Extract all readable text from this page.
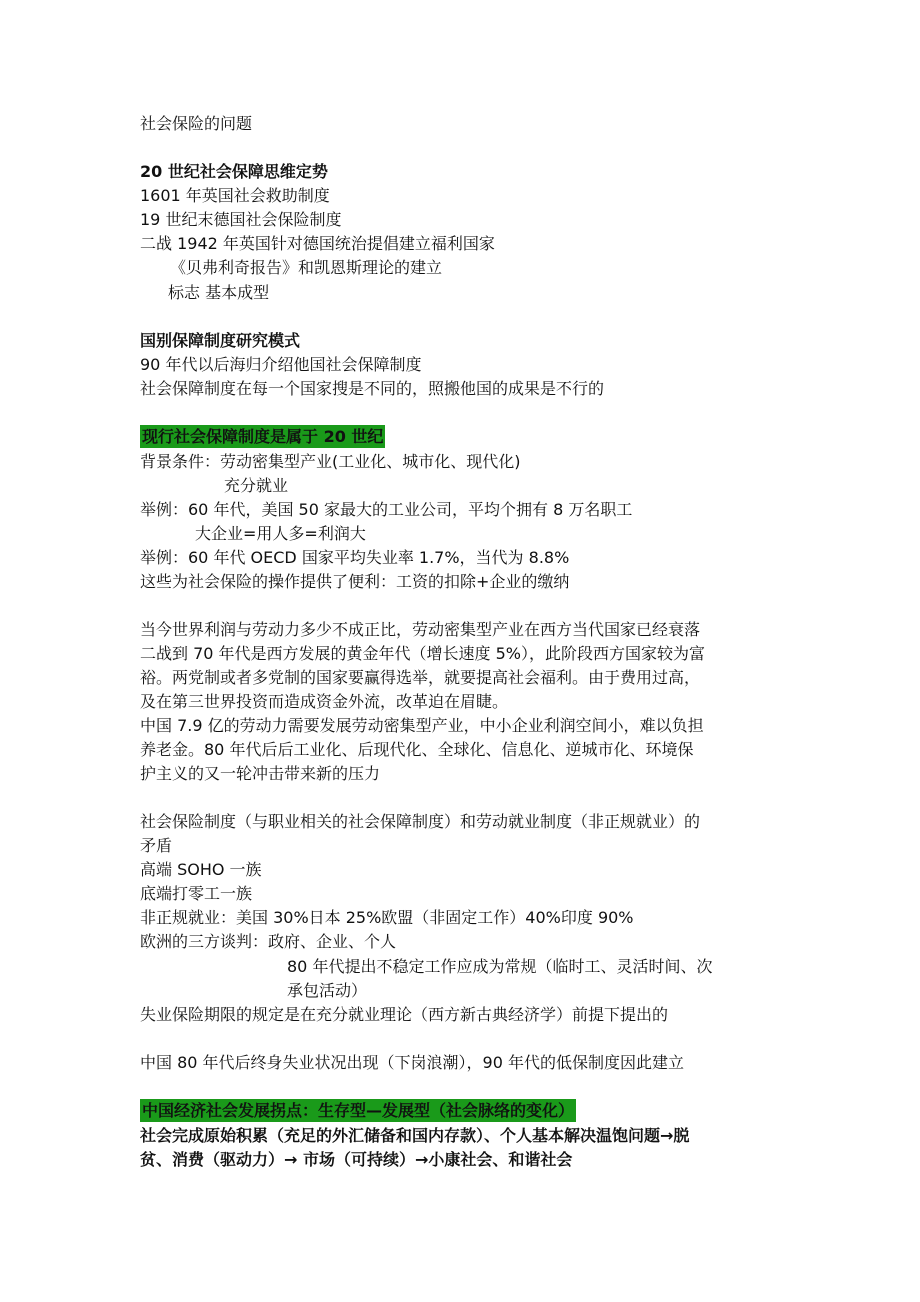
社会保险的问题

20 世纪社会保障思维定势

1601 年英国社会救助制度

19 世纪末德国社会保险制度

二战 1942 年英国针对德国统治提倡建立福利国家

《贝弗利奇报告》和凯恩斯理论的建立

标志 基本成型

国别保障制度研究模式

90 年代以后海归介绍他国社会保障制度

社会保障制度在每一个国家搜是不同的，照搬他国的成果是不行的

现行社会保障制度是属于 20 世纪

背景条件：劳动密集型产业(工业化、城市化、现代化)

充分就业

举例：60 年代，美国 50 家最大的工业公司，平均个拥有 8 万名职工

大企业=用人多=利润大

举例：60 年代 OECD 国家平均失业率 1.7%，当代为 8.8%

这些为社会保险的操作提供了便利：工资的扣除+企业的缴纳

当今世界利润与劳动力多少不成正比，劳动密集型产业在西方当代国家已经衰落

二战到 70 年代是西方发展的黄金年代（增长速度 5%），此阶段西方国家较为富

裕。两党制或者多党制的国家要赢得选举，就要提高社会福利。由于费用过高，

及在第三世界投资而造成资金外流，改革迫在眉睫。

中国 7.9 亿的劳动力需要发展劳动密集型产业，中小企业利润空间小，难以负担

养老金。80 年代后后工业化、后现代化、全球化、信息化、逆城市化、环境保

护主义的又一轮冲击带来新的压力

社会保险制度（与职业相关的社会保障制度）和劳动就业制度（非正规就业）的

矛盾

高端 SOHO 一族

底端打零工一族

非正规就业：美国 30%日本 25%欧盟（非固定工作）40%印度 90%

欧洲的三方谈判：政府、企业、个人

80 年代提出不稳定工作应成为常规（临时工、灵活时间、次

承包活动）

失业保险期限的规定是在充分就业理论（西方新古典经济学）前提下提出的

中国 80 年代后终身失业状况出现（下岗浪潮），90 年代的低保制度因此建立

中国经济社会发展拐点：生存型—发展型（社会脉络的变化）

社会完成原始积累（充足的外汇储备和国内存款）、个人基本解决温饱问题→脱

贫、消费（驱动力）→ 市场（可持续）→小康社会、和谐社会
